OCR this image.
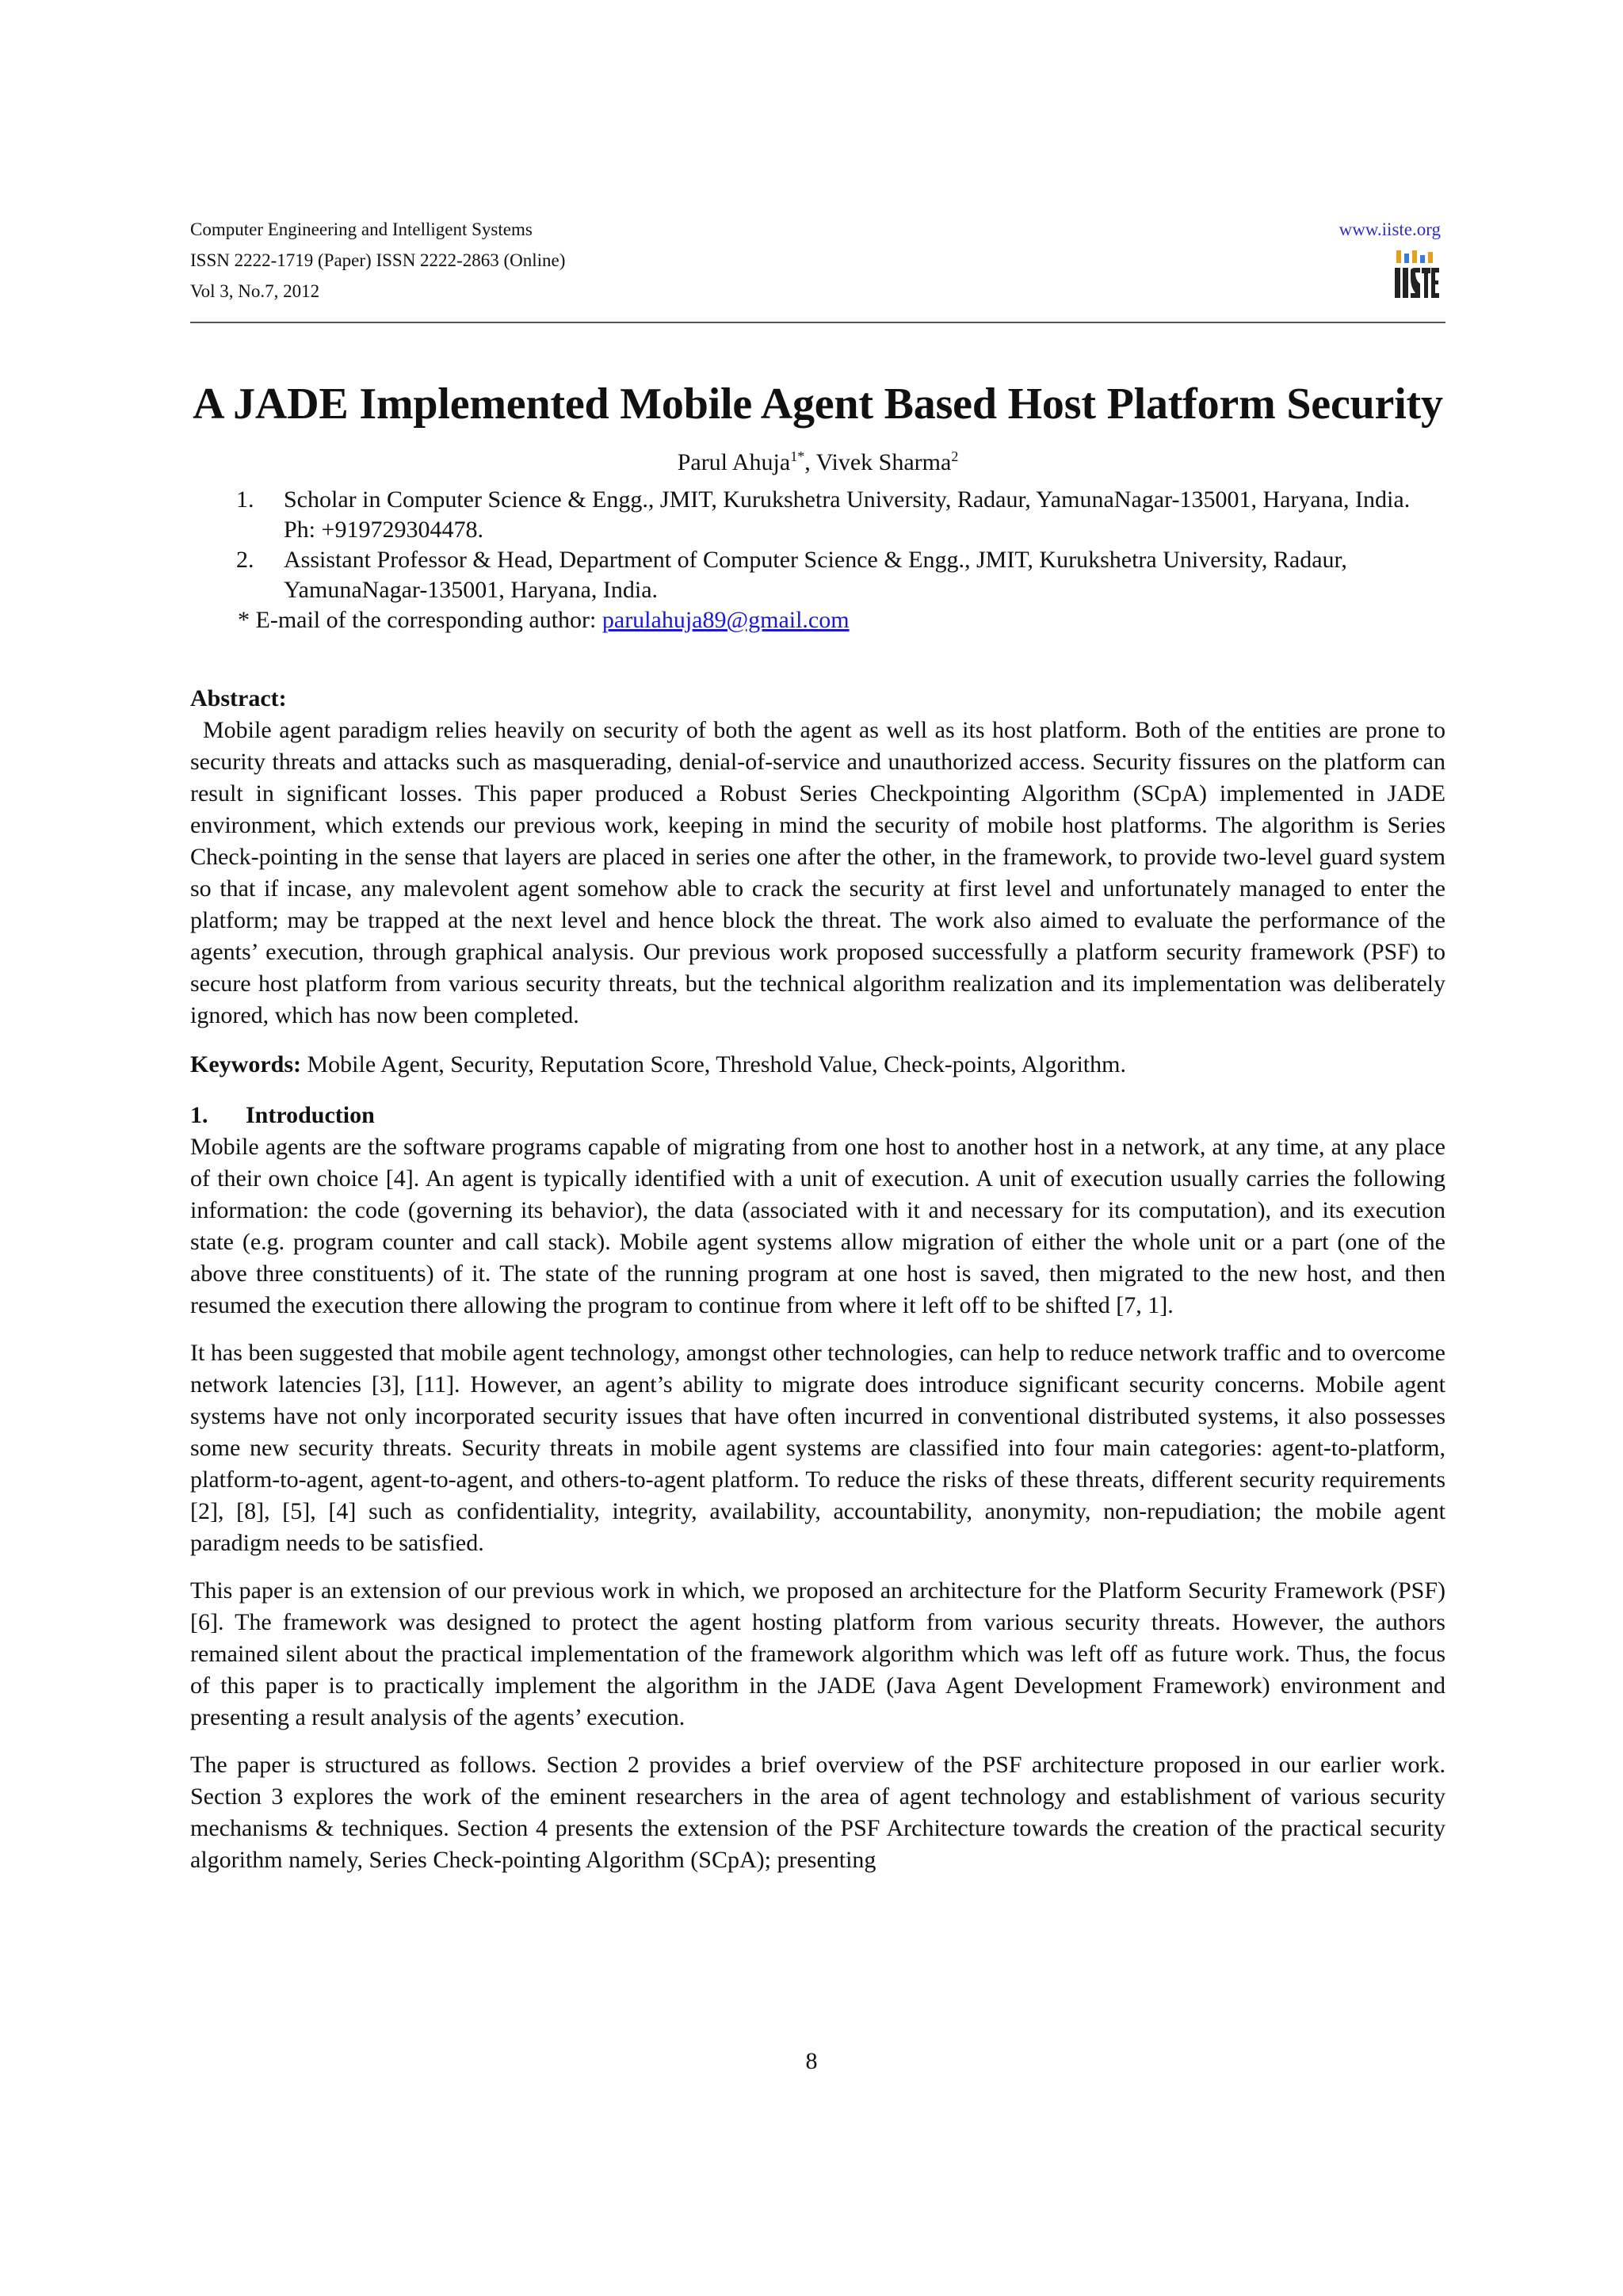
Computer Engineering and Intelligent Systems
ISSN 2222-1719 (Paper) ISSN 2222-2863 (Online)
Vol 3, No.7, 2012
www.iiste.org
A JADE Implemented Mobile Agent Based Host Platform Security
Parul Ahuja$^{1*}$, Vivek Sharma$^2$
1. Scholar in Computer Science & Engg., JMIT, Kurukshetra University, Radaur, YamunaNagar-135001, Haryana, India. Ph: +919729304478.
2. Assistant Professor & Head, Department of Computer Science & Engg., JMIT, Kurukshetra University, Radaur, YamunaNagar-135001, Haryana, India.
* E-mail of the corresponding author: parulahuja89@gmail.com
Abstract:

Mobile agent paradigm relies heavily on security of both the agent as well as its host platform. Both of the entities are prone to security threats and attacks such as masquerading, denial-of-service and unauthorized access. Security fissures on the platform can result in significant losses. This paper produced a Robust Series Checkpointing Algorithm (SCpA) implemented in JADE environment, which extends our previous work, keeping in mind the security of mobile host platforms. The algorithm is Series Check-pointing in the sense that layers are placed in series one after the other, in the framework, to provide two-level guard system so that if incase, any malevolent agent somehow able to crack the security at first level and unfortunately managed to enter the platform; may be trapped at the next level and hence block the threat. The work also aimed to evaluate the performance of the agents’ execution, through graphical analysis. Our previous work proposed successfully a platform security framework (PSF) to secure host platform from various security threats, but the technical algorithm realization and its implementation was deliberately ignored, which has now been completed.

Keywords: Mobile Agent, Security, Reputation Score, Threshold Value, Check-points, Algorithm.

1. Introduction

Mobile agents are the software programs capable of migrating from one host to another host in a network, at any time, at any place of their own choice [4]. An agent is typically identified with a unit of execution. A unit of execution usually carries the following information: the code (governing its behavior), the data (associated with it and necessary for its computation), and its execution state (e.g. program counter and call stack). Mobile agent systems allow migration of either the whole unit or a part (one of the above three constituents) of it. The state of the running program at one host is saved, then migrated to the new host, and then resumed the execution there allowing the program to continue from where it left off to be shifted [7, 1].

It has been suggested that mobile agent technology, amongst other technologies, can help to reduce network traffic and to overcome network latencies [3], [11]. However, an agent’s ability to migrate does introduce significant security concerns. Mobile agent systems have not only incorporated security issues that have often incurred in conventional distributed systems, it also possesses some new security threats. Security threats in mobile agent systems are classified into four main categories: agent-to-platform, platform-to-agent, agent-to-agent, and others-to-agent platform. To reduce the risks of these threats, different security requirements [2], [8], [5], [4] such as confidentiality, integrity, availability, accountability, anonymity, non-repudiation; the mobile agent paradigm needs to be satisfied.

This paper is an extension of our previous work in which, we proposed an architecture for the Platform Security Framework (PSF) [6]. The framework was designed to protect the agent hosting platform from various security threats. However, the authors remained silent about the practical implementation of the framework algorithm which was left off as future work. Thus, the focus of this paper is to practically implement the algorithm in the JADE (Java Agent Development Framework) environment and presenting a result analysis of the agents’ execution.

The paper is structured as follows. Section 2 provides a brief overview of the PSF architecture proposed in our earlier work. Section 3 explores the work of the eminent researchers in the area of agent technology and establishment of various security mechanisms & techniques. Section 4 presents the extension of the PSF Architecture towards the creation of the practical security algorithm namely, Series Check-pointing Algorithm (SCpA); presenting

8
